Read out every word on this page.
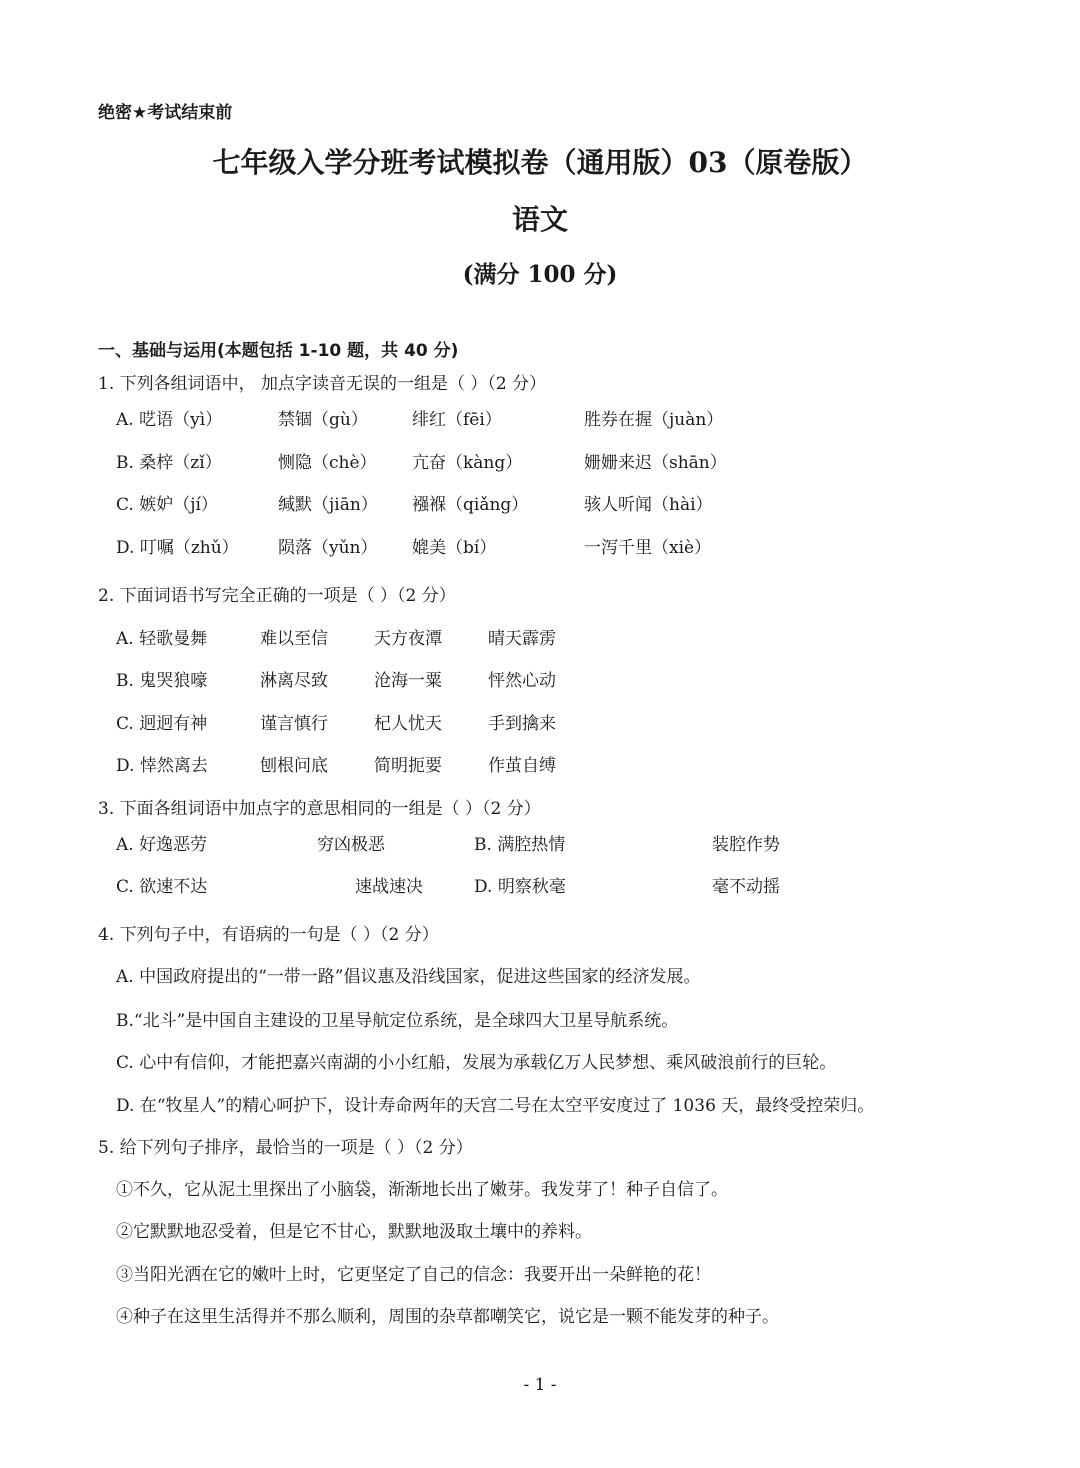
绝密★考试结束前
七年级入学分班考试模拟卷（通用版）03（原卷版）
语文
(满分 100 分)
一、基础与运用(本题包括 1-10 题，共 40 分)
1. 下列各组词语中， 加点字读音无误的一组是（ ）（2 分）
A. 呓语（yì）	禁锢（gù）	绯红（fēi）	胜券在握（juàn）
B. 桑梓（zǐ）	恻隐（chè） 亢奋（kàng）	姗姗来迟（shān）
C. 嫉妒（jí）	缄默（jiān） 襁褓（qiǎng）	骇人听闻（hài）
D. 叮嘱（zhǔ） 陨落（yǔn） 媲美（bí）	一泻千里（xiè）
2. 下面词语书写完全正确的一项是（ ）（2 分）
A. 轻歌曼舞	难以至信	天方夜潭	晴天霹雳
B. 鬼哭狼嚎	淋离尽致	沧海一粟	怦然心动
C. 迥迥有神	谨言慎行	杞人忧天	手到擒来
D. 悻然离去	刨根问底	简明扼要	作茧自缚
3. 下面各组词语中加点字的意思相同的一组是（ ）（2 分）
A. 好逸恶劳	穷凶极恶	B. 满腔热情	装腔作势
C. 欲速不达	速战速决	D. 明察秋毫	毫不动摇
4. 下列句子中，有语病的一句是（ ）（2 分）
A. 中国政府提出的“一带一路”倡议惠及沿线国家，促进这些国家的经济发展。
B.“北斗”是中国自主建设的卫星导航定位系统，是全球四大卫星导航系统。
C. 心中有信仰，才能把嘉兴南湖的小小红船，发展为承载亿万人民梦想、乘风破浪前行的巨轮。
D. 在“牧星人”的精心呵护下，设计寿命两年的天宫二号在太空平安度过了 1036 天，最终受控荣归。
5. 给下列句子排序，最恰当的一项是（ ）（2 分）
①不久，它从泥土里探出了小脑袋，渐渐地长出了嫩芽。我发芽了！种子自信了。
②它默默地忍受着，但是它不甘心，默默地汲取土壤中的养料。
③当阳光洒在它的嫩叶上时，它更坚定了自己的信念：我要开出一朵鲜艳的花！
④种子在这里生活得并不那么顺利，周围的杂草都嘲笑它，说它是一颗不能发芽的种子。
- 1 -
